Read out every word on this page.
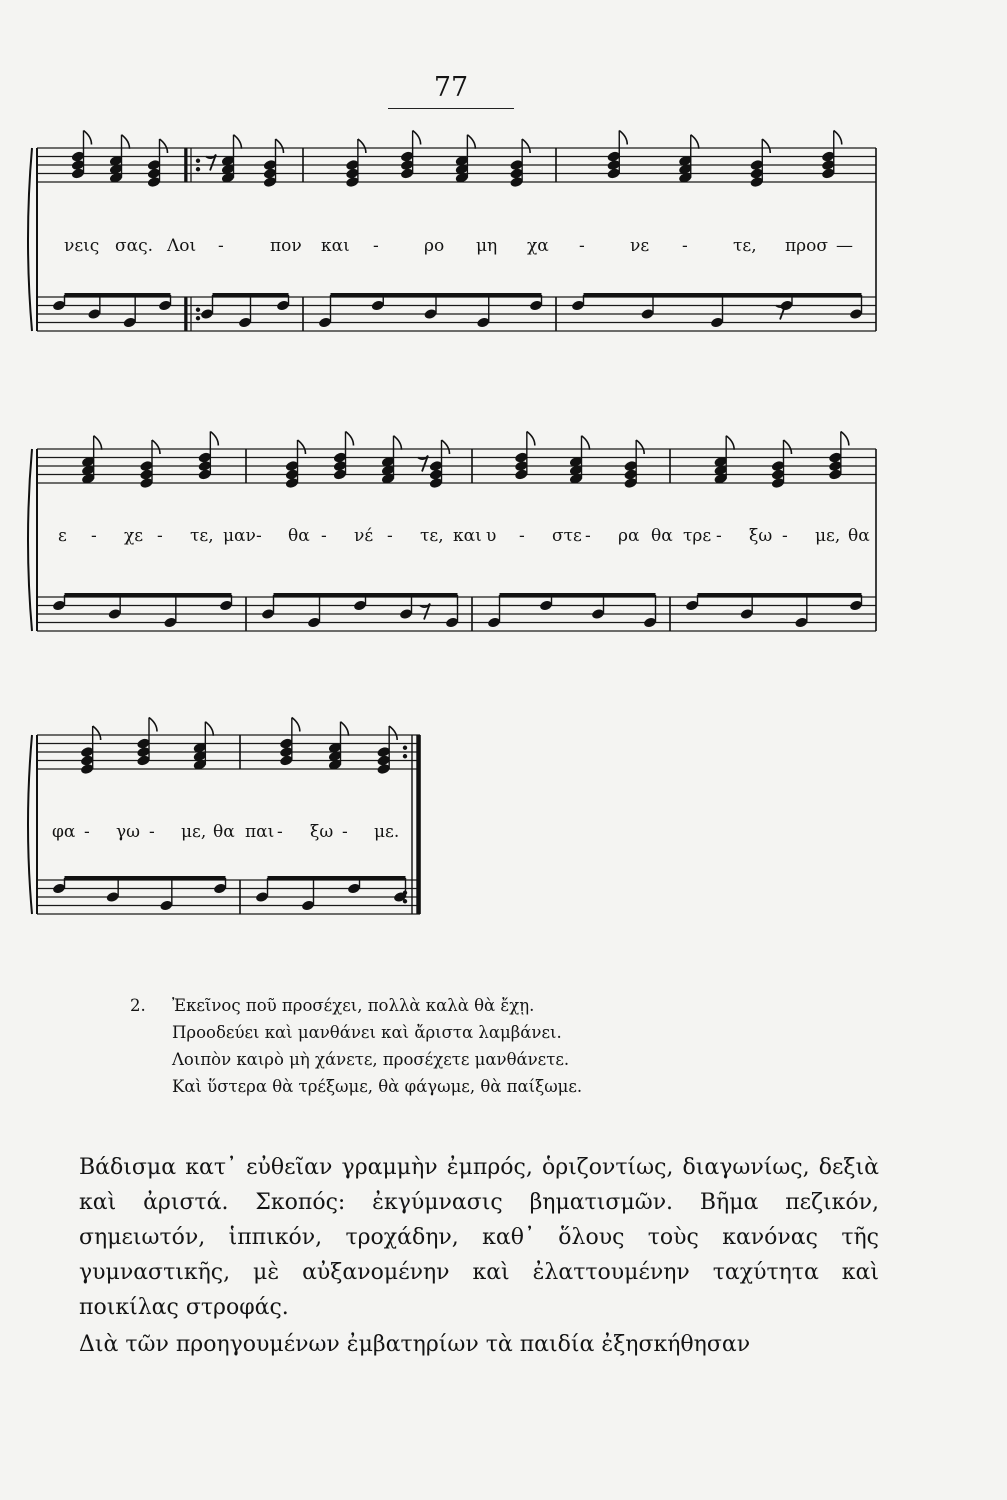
77
νεις σας. Λοι -	πον και -	ρο μη χα -	νε -	τε, προσ —
ε - χε - τε, μαν - θα - νέ - τε, και υ - στε - ρα θα τρε - ξω - με, θα
φα - γω - με, θα παι - ξω - με.
2.	Ἐκεῖνος ποῦ προσέχει, πολλὰ καλὰ θὰ ἔχῃ.
Προοδεύει καὶ μανθάνει καὶ ἄριστα λαμβάνει.
Λοιπὸν καιρὸ μὴ χάνετε, προσέχετε μανθάνετε.
Καὶ ὕστερα θὰ τρέξωμε, θὰ φάγωμε, θὰ παίξωμε.

Βάδισμα κατ᾽ εὐθεῖαν γραμμὴν ἐμπρός, ὁριζοντίως, διαγωνίως, δεξιὰ καὶ ἀριστά. Σκοπός: ἐκγύμνασις βηματισμῶν. Βῆμα πεζικόν, σημειωτόν, ἱππικόν, τροχάδην, καθ᾽ ὅλους τοὺς κανόνας τῆς γυμναστικῆς, μὲ αὐξανομένην καὶ ἐλαττουμένην ταχύτητα καὶ ποικίλας στροφάς.

Διὰ τῶν προηγουμένων ἐμβατηρίων τὰ παιδία ἐξησκήθησαν
